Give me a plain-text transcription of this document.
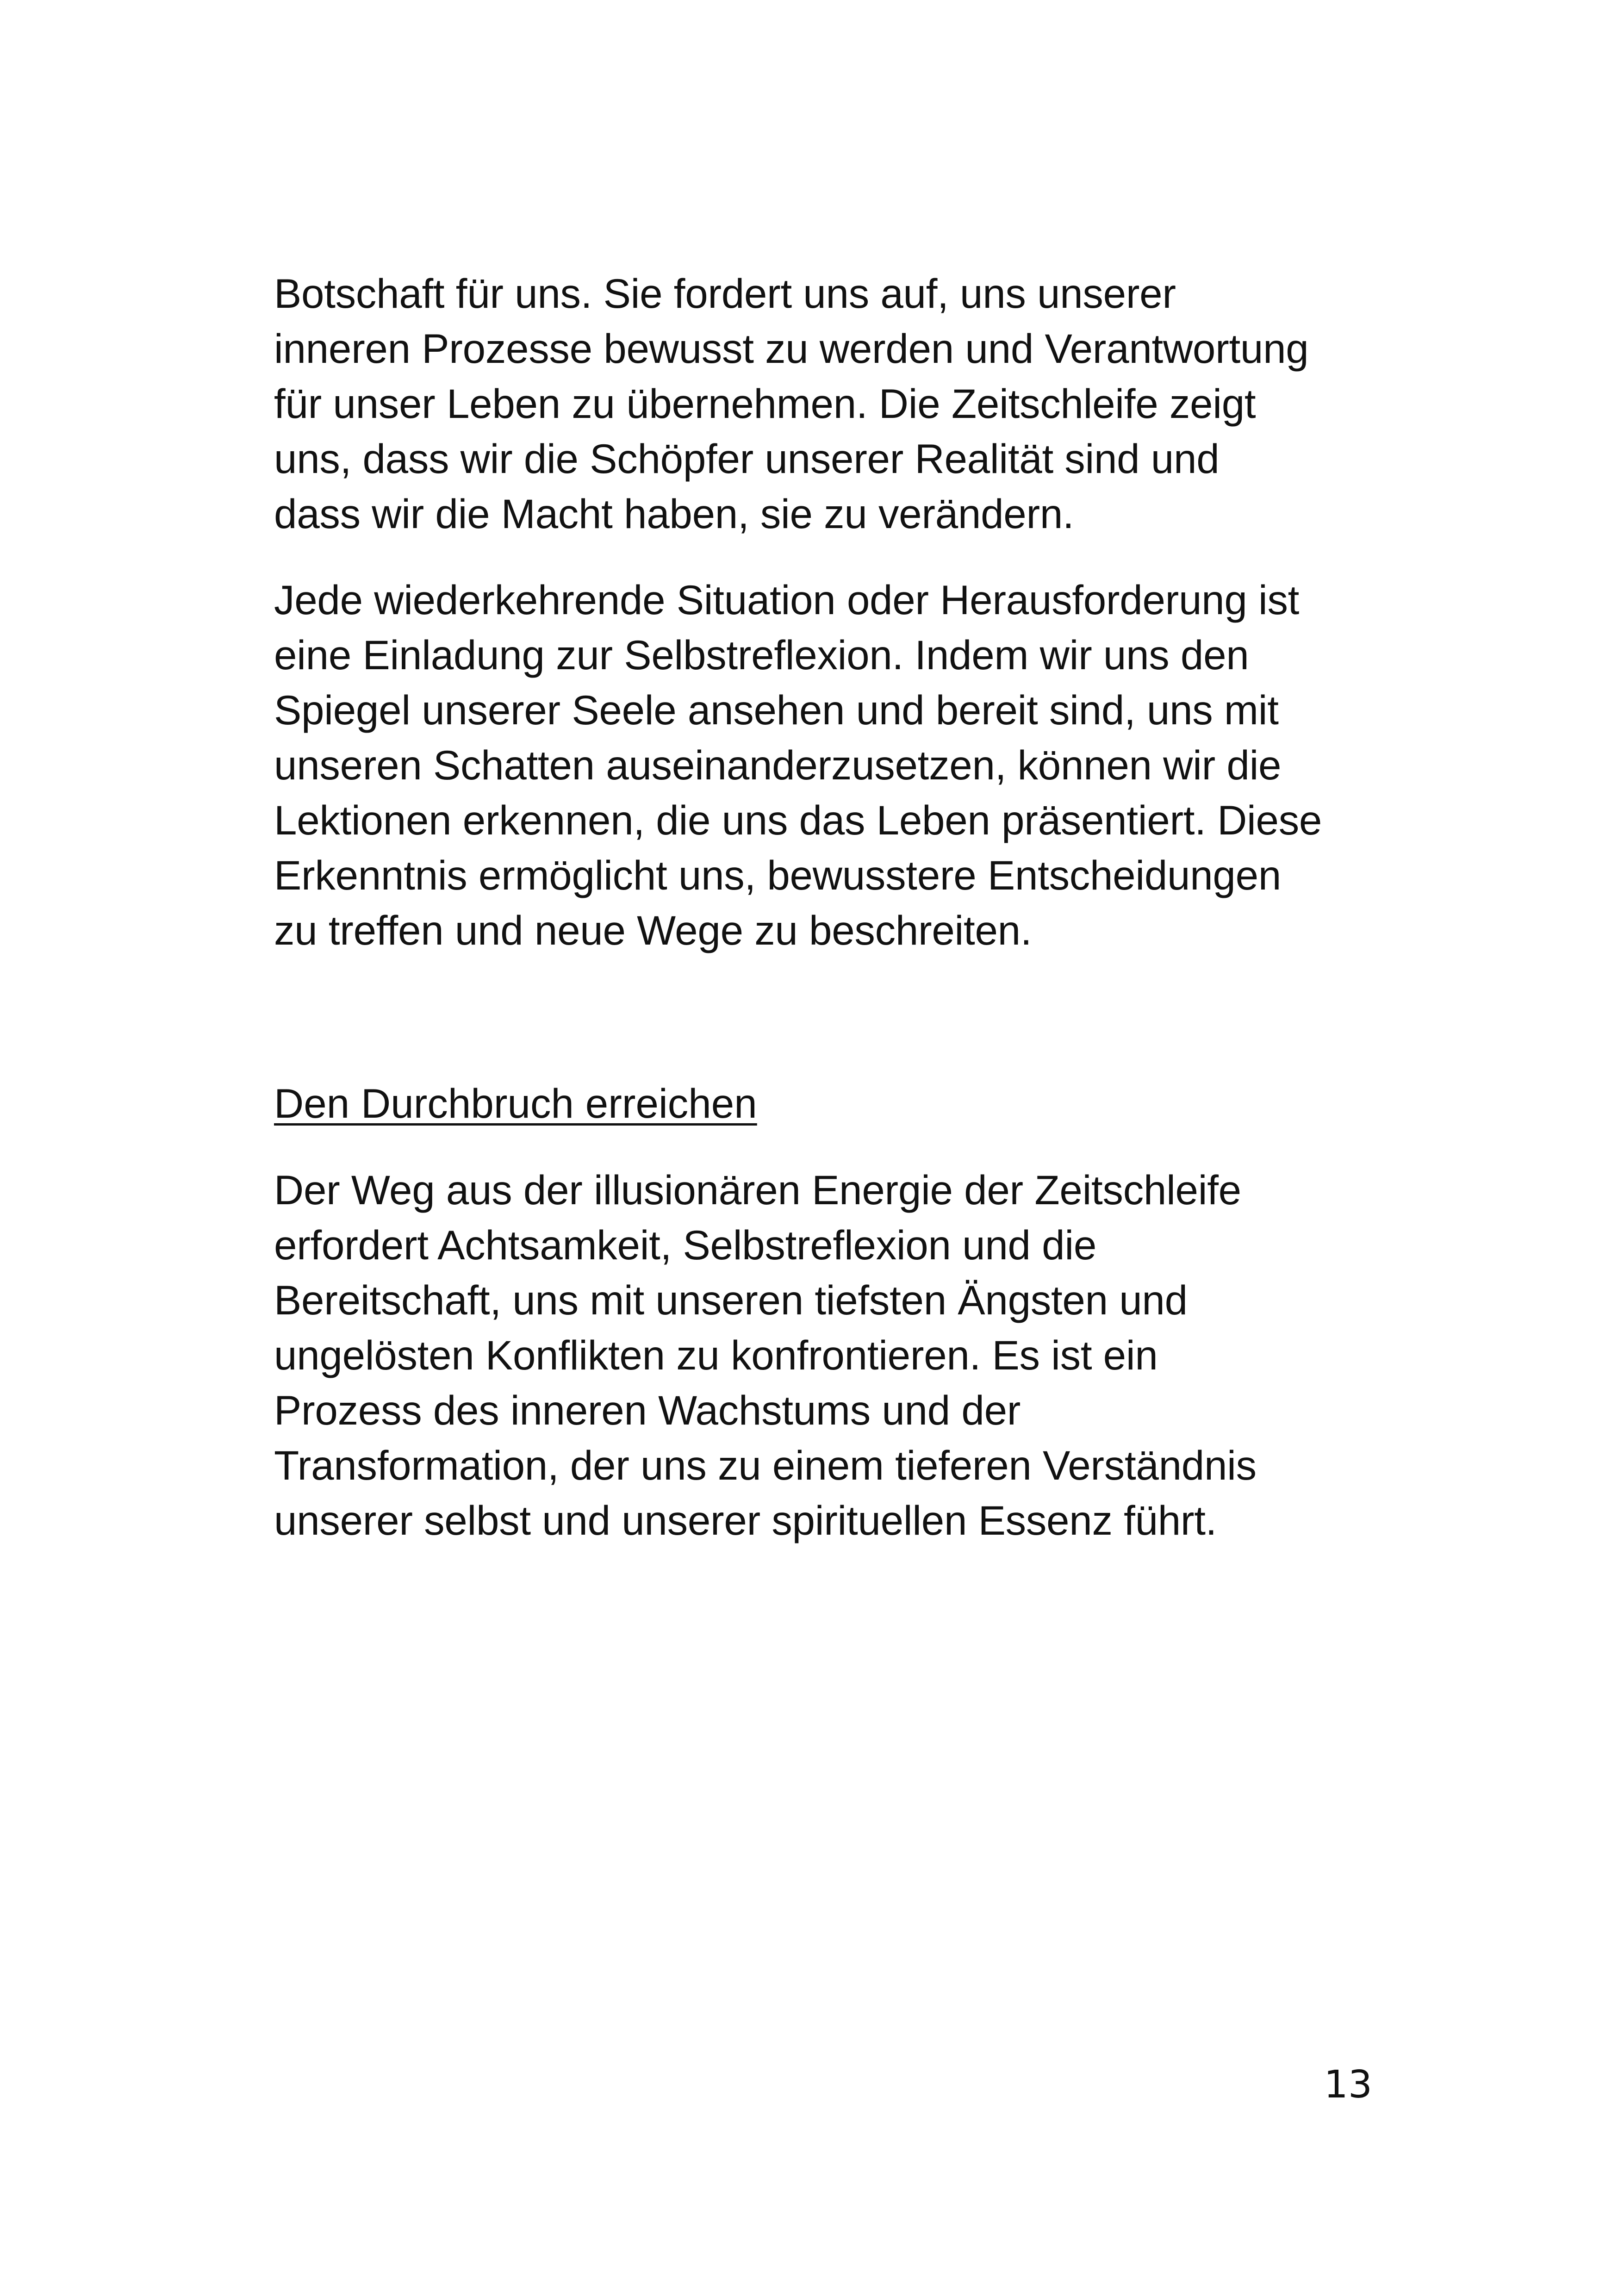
Botschaft für uns. Sie fordert uns auf, uns unserer
inneren Prozesse bewusst zu werden und Verantwortung
für unser Leben zu übernehmen. Die Zeitschleife zeigt
uns, dass wir die Schöpfer unserer Realität sind und
dass wir die Macht haben, sie zu verändern.
Jede wiederkehrende Situation oder Herausforderung ist
eine Einladung zur Selbstreflexion. Indem wir uns den
Spiegel unserer Seele ansehen und bereit sind, uns mit
unseren Schatten auseinanderzusetzen, können wir die
Lektionen erkennen, die uns das Leben präsentiert. Diese
Erkenntnis ermöglicht uns, bewusstere Entscheidungen
zu treffen und neue Wege zu beschreiten.
Den Durchbruch erreichen
Der Weg aus der illusionären Energie der Zeitschleife
erfordert Achtsamkeit, Selbstreflexion und die
Bereitschaft, uns mit unseren tiefsten Ängsten und
ungelösten Konflikten zu konfrontieren. Es ist ein
Prozess des inneren Wachstums und der
Transformation, der uns zu einem tieferen Verständnis
unserer selbst und unserer spirituellen Essenz führt.
13
